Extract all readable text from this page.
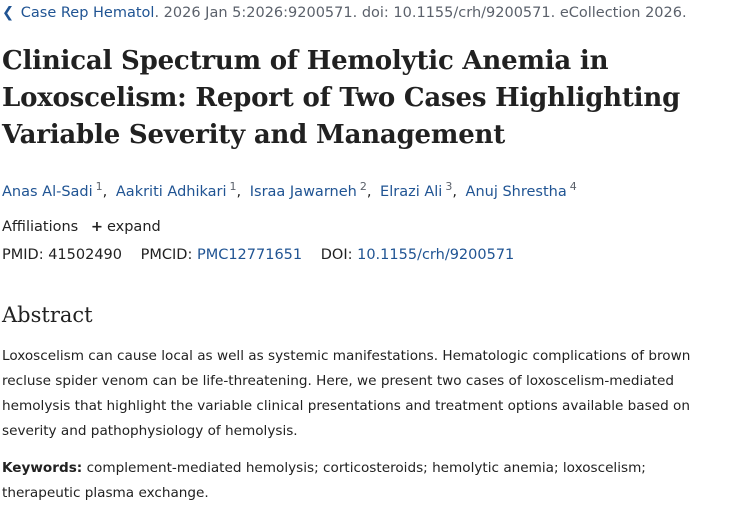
❮ Case Rep Hematol. 2026 Jan 5:2026:9200571. doi: 10.1155/crh/9200571. eCollection 2026.
Clinical Spectrum of Hemolytic Anemia in
Loxoscelism: Report of Two Cases Highlighting
Variable Severity and Management
Anas Al-Sadi $^1$, Aakriti Adhikari $^1$, Israa Jawarneh $^2$, Elrazi Ali $^3$, Anuj Shrestha $^4$
Affiliations + expand
PMID: 41502490 PMCID: PMC12771651 DOI: 10.1155/crh/9200571
Abstract

Loxoscelism can cause local as well as systemic manifestations. Hematologic complications of brown
recluse spider venom can be life-threatening. Here, we present two cases of loxoscelism-mediated
hemolysis that highlight the variable clinical presentations and treatment options available based on
severity and pathophysiology of hemolysis.

Keywords: complement-mediated hemolysis; corticosteroids; hemolytic anemia; loxoscelism;
therapeutic plasma exchange.
